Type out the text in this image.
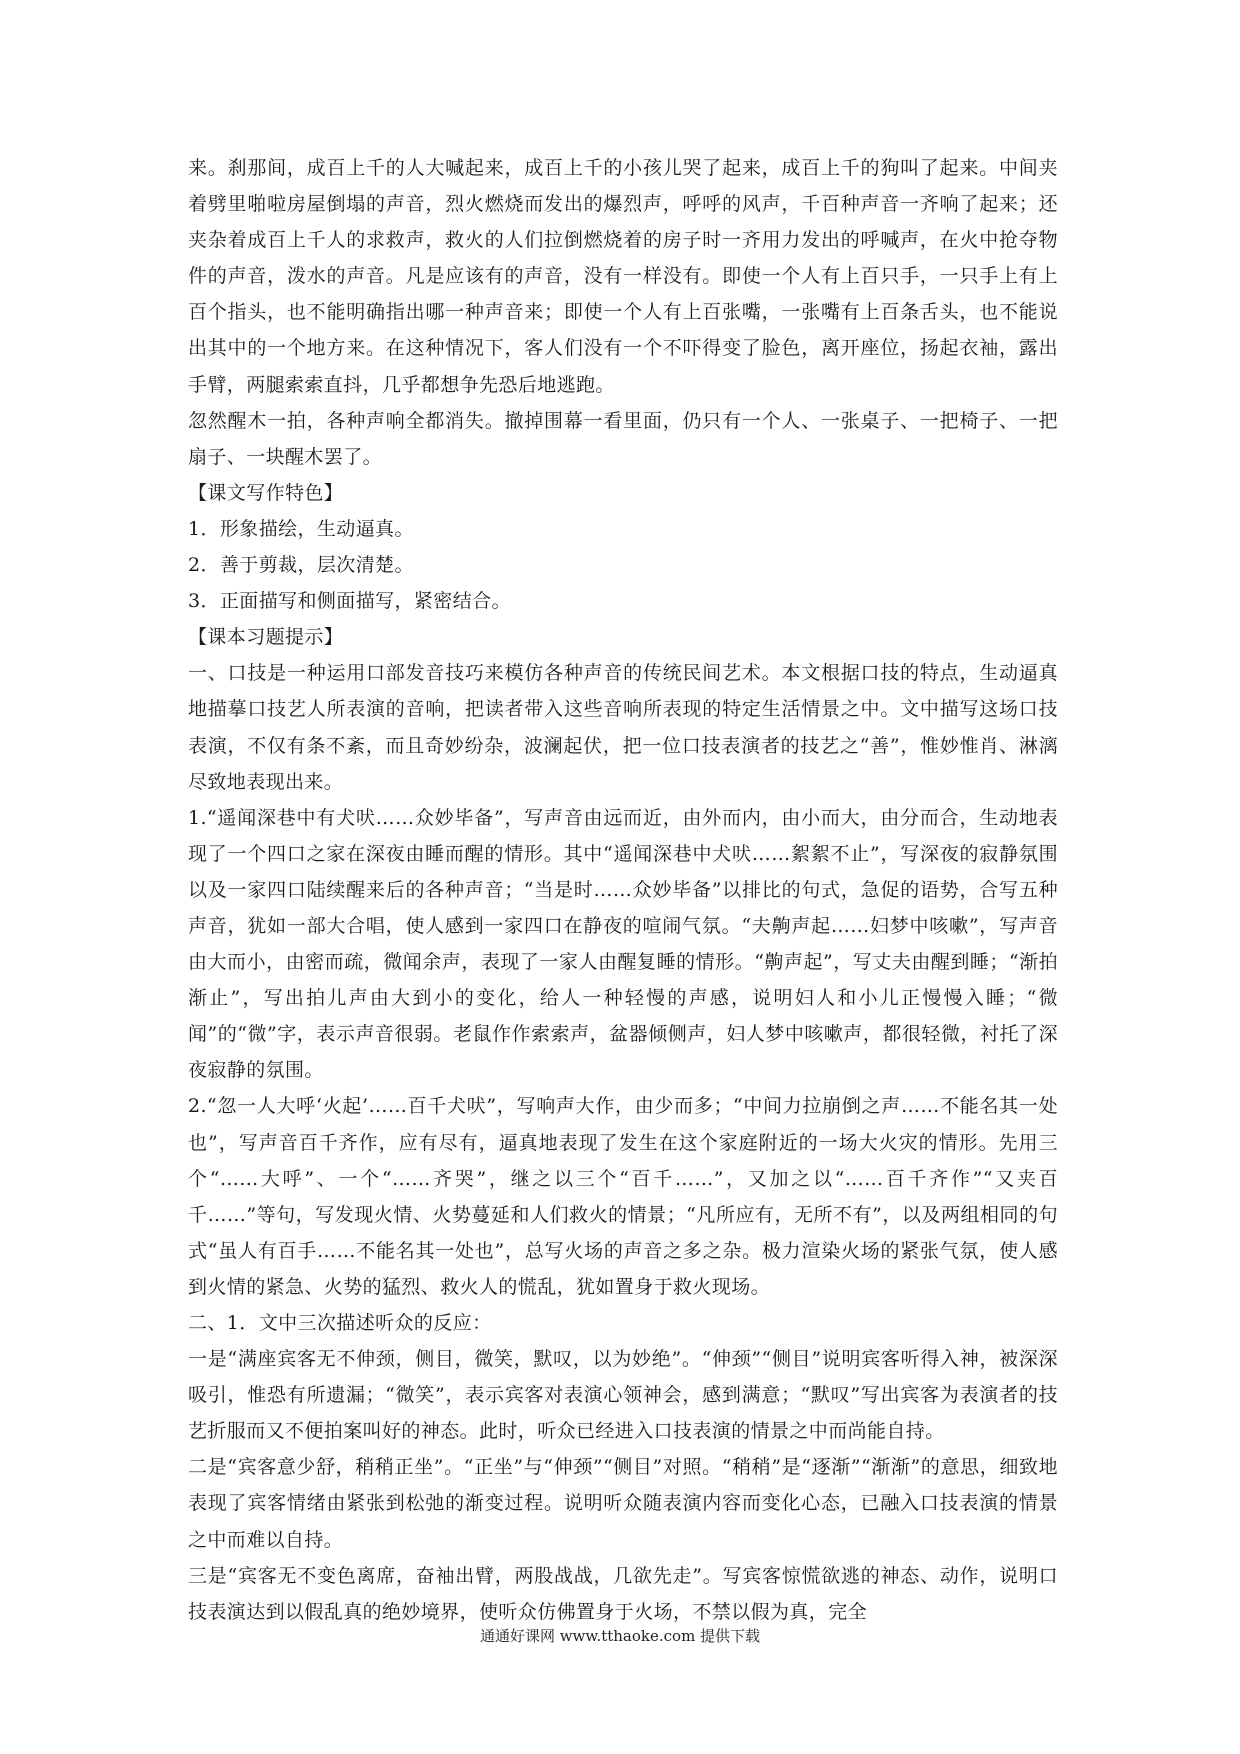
来。刹那间，成百上千的人大喊起来，成百上千的小孩儿哭了起来，成百上千的狗叫了起来。中间夹着劈里啪啦房屋倒塌的声音，烈火燃烧而发出的爆烈声，呼呼的风声，千百种声音一齐响了起来；还夹杂着成百上千人的求救声，救火的人们拉倒燃烧着的房子时一齐用力发出的呼喊声，在火中抢夺物件的声音，泼水的声音。凡是应该有的声音，没有一样没有。即使一个人有上百只手，一只手上有上百个指头，也不能明确指出哪一种声音来；即使一个人有上百张嘴，一张嘴有上百条舌头，也不能说出其中的一个地方来。在这种情况下，客人们没有一个不吓得变了脸色，离开座位，扬起衣袖，露出手臂，两腿索索直抖，几乎都想争先恐后地逃跑。

忽然醒木一拍，各种声响全都消失。撤掉围幕一看里面，仍只有一个人、一张桌子、一把椅子、一把扇子、一块醒木罢了。

【课文写作特色】

1．形象描绘，生动逼真。

2．善于剪裁，层次清楚。

3．正面描写和侧面描写，紧密结合。

【课本习题提示】

一、口技是一种运用口部发音技巧来模仿各种声音的传统民间艺术。本文根据口技的特点，生动逼真地描摹口技艺人所表演的音响，把读者带入这些音响所表现的特定生活情景之中。文中描写这场口技表演，不仅有条不紊，而且奇妙纷杂，波澜起伏，把一位口技表演者的技艺之“善”，惟妙惟肖、淋漓尽致地表现出来。

1.“遥闻深巷中有犬吠……众妙毕备”，写声音由远而近，由外而内，由小而大，由分而合，生动地表现了一个四口之家在深夜由睡而醒的情形。其中“遥闻深巷中犬吠……絮絮不止”，写深夜的寂静氛围以及一家四口陆续醒来后的各种声音；“当是时……众妙毕备”以排比的句式，急促的语势，合写五种声音，犹如一部大合唱，使人感到一家四口在静夜的喧闹气氛。“夫齁声起……妇梦中咳嗽”，写声音由大而小，由密而疏，微闻余声，表现了一家人由醒复睡的情形。“齁声起”，写丈夫由醒到睡；“渐拍渐止”，写出拍儿声由大到小的变化，给人一种轻慢的声感，说明妇人和小儿正慢慢入睡；“微闻”的“微”字，表示声音很弱。老鼠作作索索声，盆器倾侧声，妇人梦中咳嗽声，都很轻微，衬托了深夜寂静的氛围。

2.“忽一人大呼‘火起’……百千犬吠”，写响声大作，由少而多；“中间力拉崩倒之声……不能名其一处也”，写声音百千齐作，应有尽有，逼真地表现了发生在这个家庭附近的一场大火灾的情形。先用三个“……大呼”、一个“……齐哭”，继之以三个“百千……”，又加之以“……百千齐作”“又夹百千……”等句，写发现火情、火势蔓延和人们救火的情景；“凡所应有，无所不有”，以及两组相同的句式“虽人有百手……不能名其一处也”，总写火场的声音之多之杂。极力渲染火场的紧张气氛，使人感到火情的紧急、火势的猛烈、救火人的慌乱，犹如置身于救火现场。

二、1．文中三次描述听众的反应：

一是“满座宾客无不伸颈，侧目，微笑，默叹，以为妙绝”。“伸颈”“侧目”说明宾客听得入神，被深深吸引，惟恐有所遗漏；“微笑”，表示宾客对表演心领神会，感到满意；“默叹”写出宾客为表演者的技艺折服而又不便拍案叫好的神态。此时，听众已经进入口技表演的情景之中而尚能自持。

二是“宾客意少舒，稍稍正坐”。“正坐”与“伸颈”“侧目”对照。“稍稍”是“逐渐”“渐渐”的意思，细致地表现了宾客情绪由紧张到松弛的渐变过程。说明听众随表演内容而变化心态，已融入口技表演的情景之中而难以自持。

三是“宾客无不变色离席，奋袖出臂，两股战战，几欲先走”。写宾客惊慌欲逃的神态、动作，说明口技表演达到以假乱真的绝妙境界，使听众仿佛置身于火场，不禁以假为真，完全

通通好课网 www.tthaoke.com 提供下载
